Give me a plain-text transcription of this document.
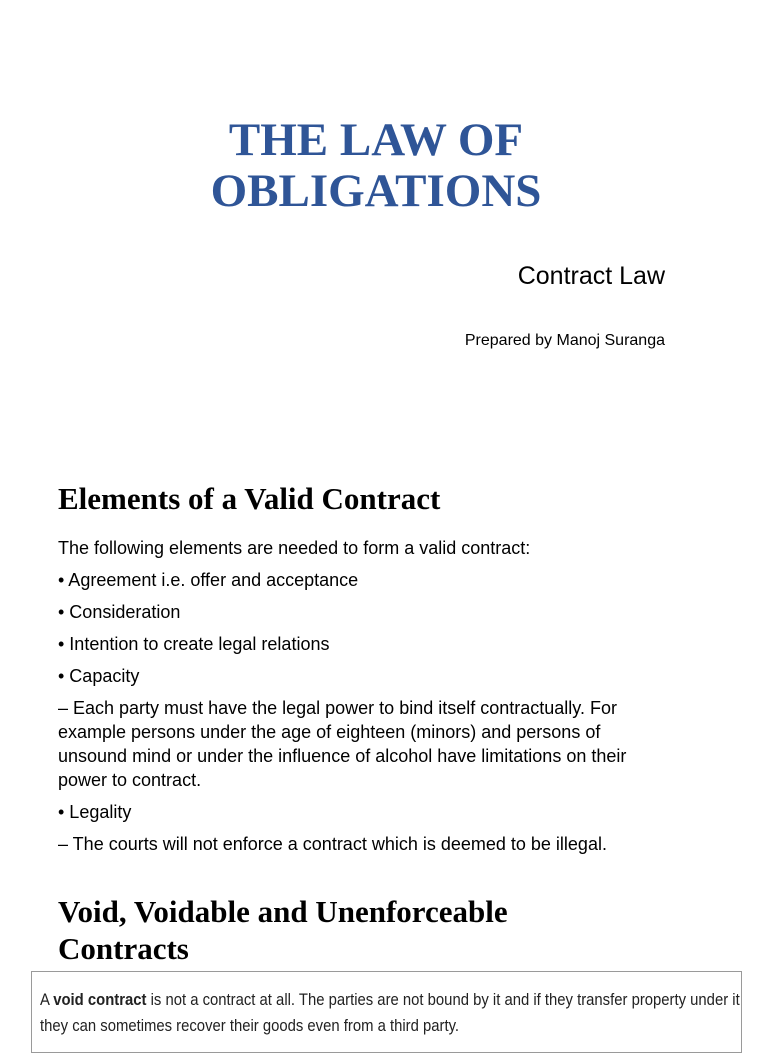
THE LAW OF
OBLIGATIONS
Contract Law
Prepared by Manoj Suranga
Elements of a Valid Contract
The following elements are needed to form a valid contract:
• Agreement i.e. offer and acceptance
• Consideration
• Intention to create legal relations
• Capacity
– Each party must have the legal power to bind itself contractually. For
example persons under the age of eighteen (minors) and persons of
unsound mind or under the influence of alcohol have limitations on their
power to contract.
• Legality
– The courts will not enforce a contract which is deemed to be illegal.
Void, Voidable and Unenforceable
Contracts
A void contract is not a contract at all. The parties are not bound by it and if they transfer property under it
they can sometimes recover their goods even from a third party.
